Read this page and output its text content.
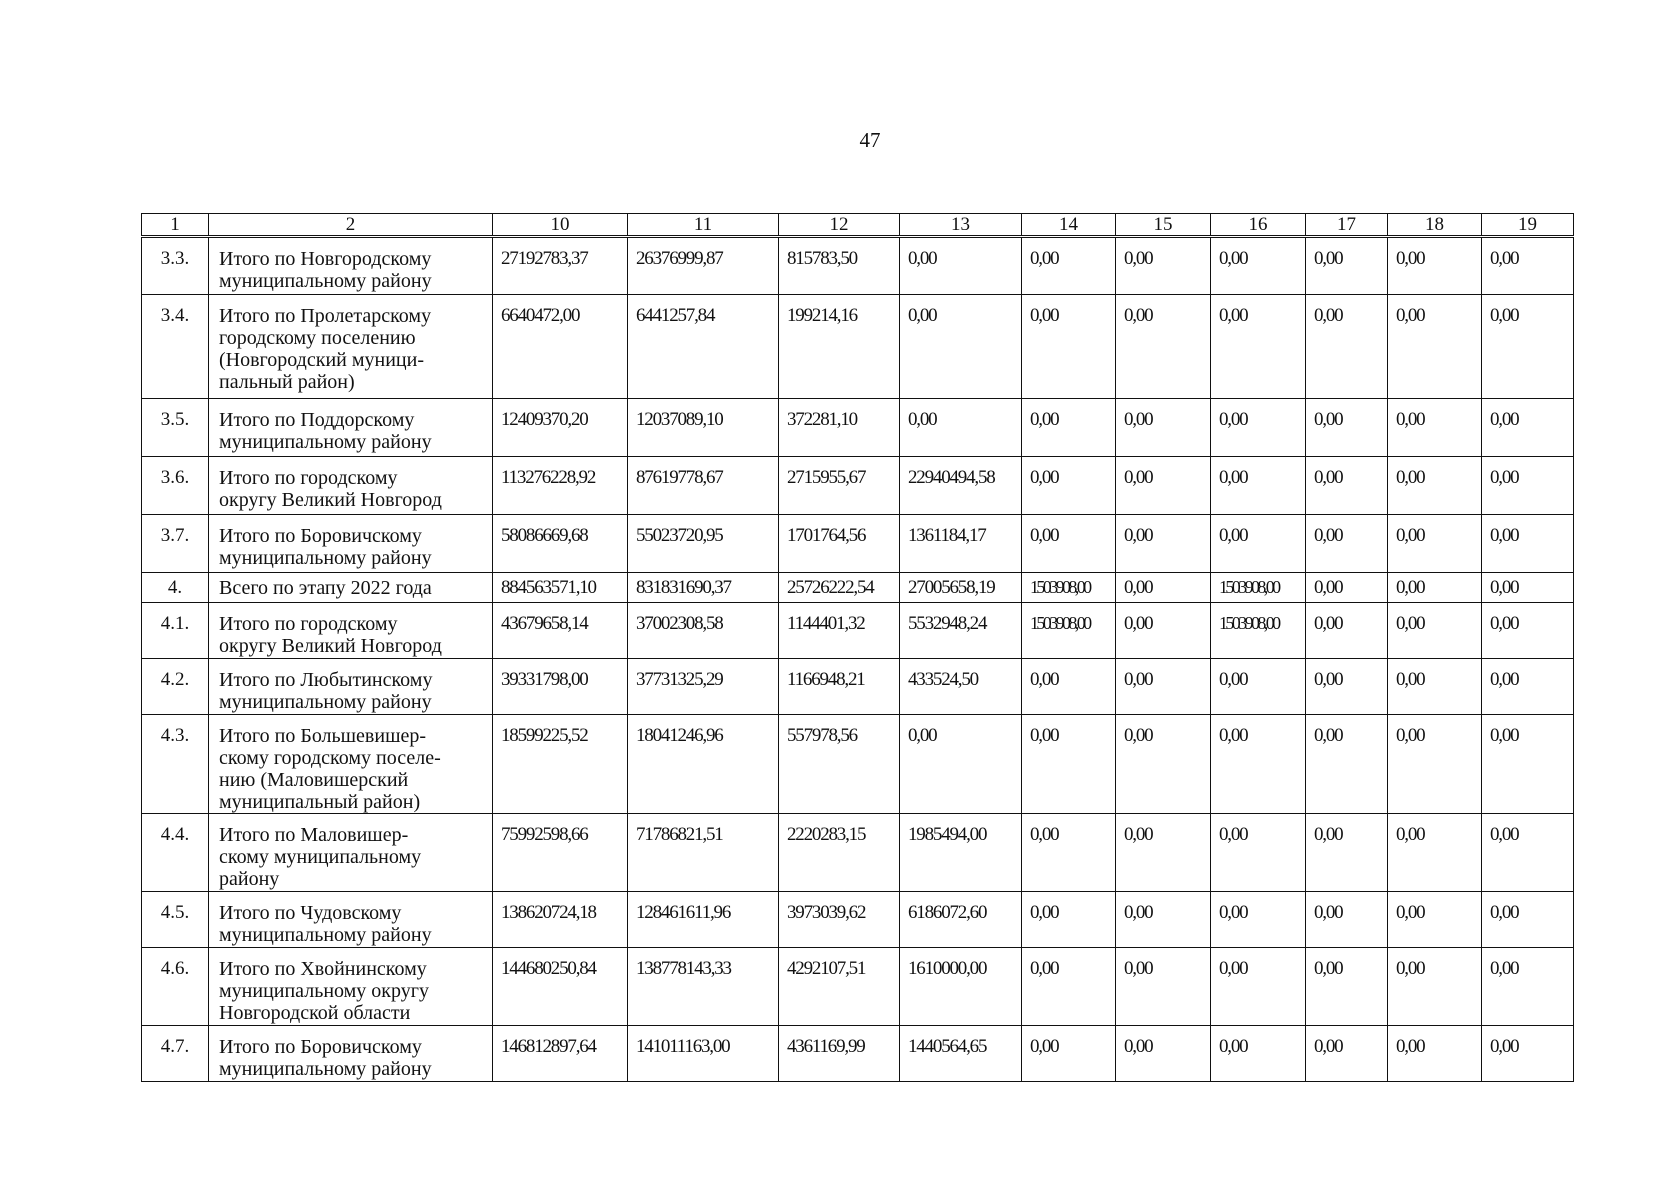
47
1	2	10	11	12	13	14	15	16	17	18	19
3.3.	Итого по Новгородскому
муниципальному району	27192783,37	26376999,87	815783,50	0,00	0,00	0,00	0,00	0,00	0,00	0,00
3.4.	Итого по Пролетарскому
городскому поселению
(Новгородский муници-
пальный район)	6640472,00	6441257,84	199214,16	0,00	0,00	0,00	0,00	0,00	0,00	0,00
3.5.	Итого по Поддорскому
муниципальному району	12409370,20	12037089,10	372281,10	0,00	0,00	0,00	0,00	0,00	0,00	0,00
3.6.	Итого по городскому
округу Великий Новгород	113276228,92	87619778,67	2715955,67	22940494,58	0,00	0,00	0,00	0,00	0,00	0,00
3.7.	Итого по Боровичскому
муниципальному району	58086669,68	55023720,95	1701764,56	1361184,17	0,00	0,00	0,00	0,00	0,00	0,00
4.	Всего по этапу 2022 года	884563571,10	831831690,37	25726222,54	27005658,19	1503908,00	0,00	1503908,00	0,00	0,00	0,00
4.1.	Итого по городскому
округу Великий Новгород	43679658,14	37002308,58	1144401,32	5532948,24	1503908,00	0,00	1503908,00	0,00	0,00	0,00
4.2.	Итого по Любытинскому
муниципальному району	39331798,00	37731325,29	1166948,21	433524,50	0,00	0,00	0,00	0,00	0,00	0,00
4.3.	Итого по Большевишер-
скому городскому поселе-
нию (Маловишерский
муниципальный район)	18599225,52	18041246,96	557978,56	0,00	0,00	0,00	0,00	0,00	0,00	0,00
4.4.	Итого по Маловишер-
скому муниципальному
району	75992598,66	71786821,51	2220283,15	1985494,00	0,00	0,00	0,00	0,00	0,00	0,00
4.5.	Итого по Чудовскому
муниципальному району	138620724,18	128461611,96	3973039,62	6186072,60	0,00	0,00	0,00	0,00	0,00	0,00
4.6.	Итого по Хвойнинскому
муниципальному округу
Новгородской области	144680250,84	138778143,33	4292107,51	1610000,00	0,00	0,00	0,00	0,00	0,00	0,00
4.7.	Итого по Боровичскому
муниципальному району	146812897,64	141011163,00	4361169,99	1440564,65	0,00	0,00	0,00	0,00	0,00	0,00
